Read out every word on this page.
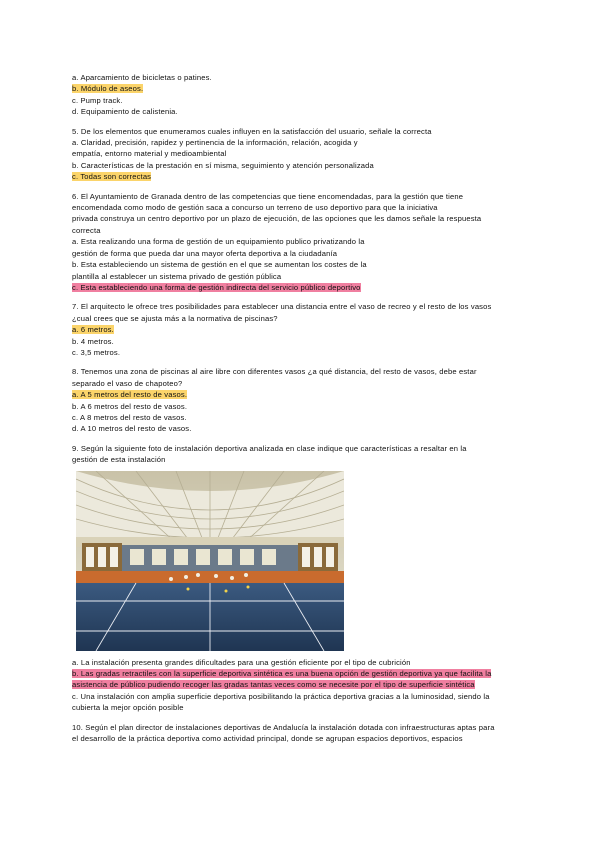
a. Aparcamiento de bicicletas o patines.
b. Módulo de aseos.
c. Pump track.
d. Equipamiento de calistenia.
5. De los elementos que enumeramos cuales influyen en la satisfacción del usuario, señale la correcta
a. Claridad, precisión, rapidez y pertinencia de la información, relación, acogida y
empatía, entorno material y medioambiental
b. Características de la prestación en sí misma, seguimiento y atención personalizada
c. Todas son correctas
6. El Ayuntamiento de Granada dentro de las competencias que tiene encomendadas, para la gestión que tiene
encomendada como modo de gestión saca a concurso un terreno de uso deportivo para que la iniciativa
privada construya un centro deportivo por un plazo de ejecución, de las opciones que les damos señale la respuesta
correcta
a. Esta realizando una forma de gestión de un equipamiento publico privatizando la
gestión de forma que pueda dar una mayor oferta deportiva a la ciudadanía
b. Esta estableciendo un sistema de gestión en el que se aumentan los costes de la
plantilla al establecer un sistema privado de gestión pública
c. Esta estableciendo una forma de gestión indirecta del servicio público deportivo
7. El arquitecto le ofrece tres posibilidades para establecer una distancia entre el vaso de recreo y el resto de los vasos
¿cual crees que se ajusta más a la normativa de piscinas?
a. 6 metros.
b. 4 metros.
c. 3,5 metros.
8. Tenemos una zona de piscinas al aire libre con diferentes vasos ¿a qué distancia, del resto de vasos, debe estar
separado el vaso de chapoteo?
a. A 5 metros del resto de vasos.
b. A 6 metros del resto de vasos.
c. A 8 metros del resto de vasos.
d. A 10 metros del resto de vasos.
9. Según la siguiente foto de instalación deportiva analizada en clase indique que características a resaltar en la
gestión de esta instalación
a. La instalación presenta grandes dificultades para una gestión eficiente por el tipo de cubrición
b. Las gradas retractiles con la superficie deportiva sintética es una buena opción de gestión deportiva ya que facilita la
asistencia de público pudiendo recoger las gradas tantas veces como se necesite por el tipo de superficie sintética
c. Una instalación con amplia superficie deportiva posibilitando la práctica deportiva gracias a la luminosidad, siendo la
cubierta la mejor opción posible
10. Según el plan director de instalaciones deportivas de Andalucía la instalación dotada con infraestructuras aptas para
el desarrollo de la práctica deportiva como actividad principal, donde se agrupan espacios deportivos, espacios
